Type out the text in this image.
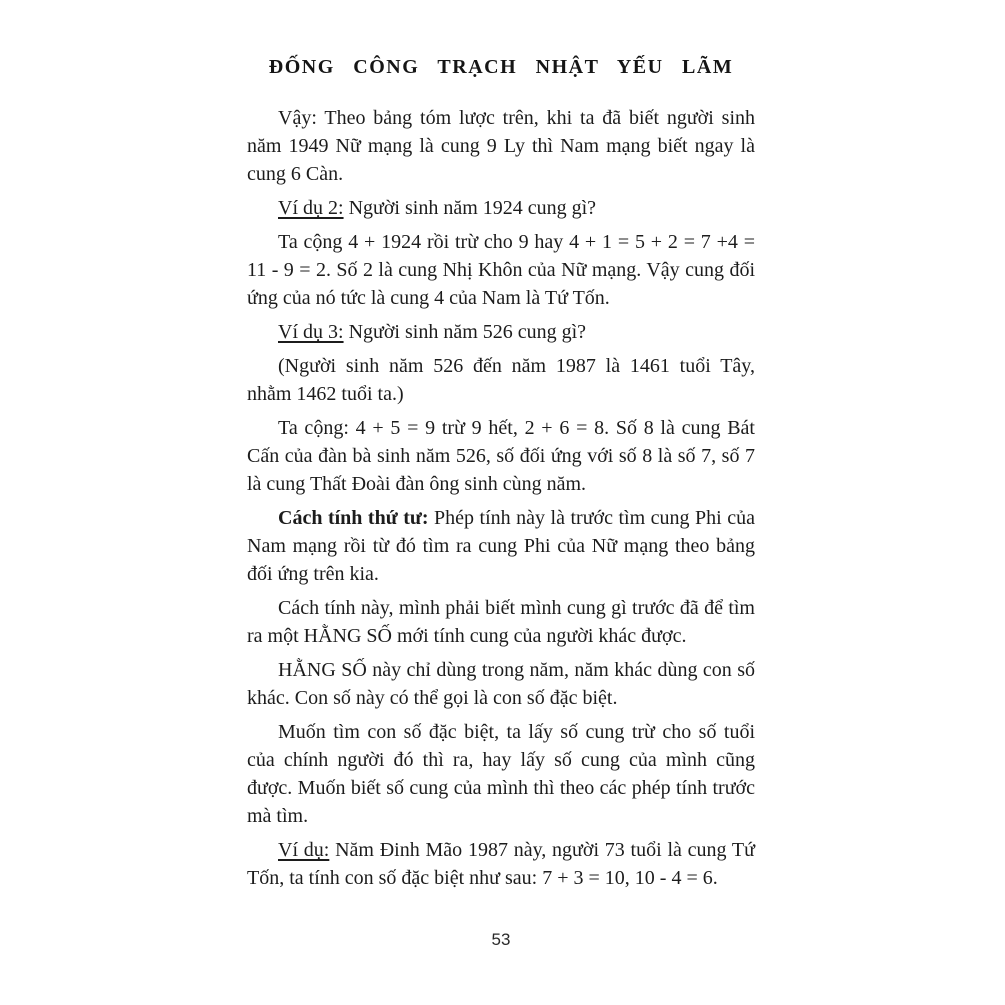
ĐỐNG CÔNG TRẠCH NHẬT YẾU LÃM

Vậy: Theo bảng tóm lược trên, khi ta đã biết người sinh năm 1949 Nữ mạng là cung 9 Ly thì Nam mạng biết ngay là cung 6 Càn.

Ví dụ 2: Người sinh năm 1924 cung gì?

Ta cộng 4 + 1924 rồi trừ cho 9 hay 4 + 1 = 5 + 2 = 7 +4 = 11 - 9 = 2. Số 2 là cung Nhị Khôn của Nữ mạng. Vậy cung đối ứng của nó tức là cung 4 của Nam là Tứ Tốn.

Ví dụ 3: Người sinh năm 526 cung gì?

(Người sinh năm 526 đến năm 1987 là 1461 tuổi Tây, nhằm 1462 tuổi ta.)

Ta cộng: 4 + 5 = 9 trừ 9 hết, 2 + 6 = 8. Số 8 là cung Bát Cấn của đàn bà sinh năm 526, số đối ứng với số 8 là số 7, số 7 là cung Thất Đoài đàn ông sinh cùng năm.

Cách tính thứ tư: Phép tính này là trước tìm cung Phi của Nam mạng rồi từ đó tìm ra cung Phi của Nữ mạng theo bảng đối ứng trên kia.

Cách tính này, mình phải biết mình cung gì trước đã để tìm ra một HẰNG SỐ mới tính cung của người khác được.

HẰNG SỐ này chỉ dùng trong năm, năm khác dùng con số khác. Con số này có thể gọi là con số đặc biệt.

Muốn tìm con số đặc biệt, ta lấy số cung trừ cho số tuổi của chính người đó thì ra, hay lấy số cung của mình cũng được. Muốn biết số cung của mình thì theo các phép tính trước mà tìm.

Ví dụ: Năm Đinh Mão 1987 này, người 73 tuổi là cung Tứ Tốn, ta tính con số đặc biệt như sau: 7 + 3 = 10, 10 - 4 = 6.

53
